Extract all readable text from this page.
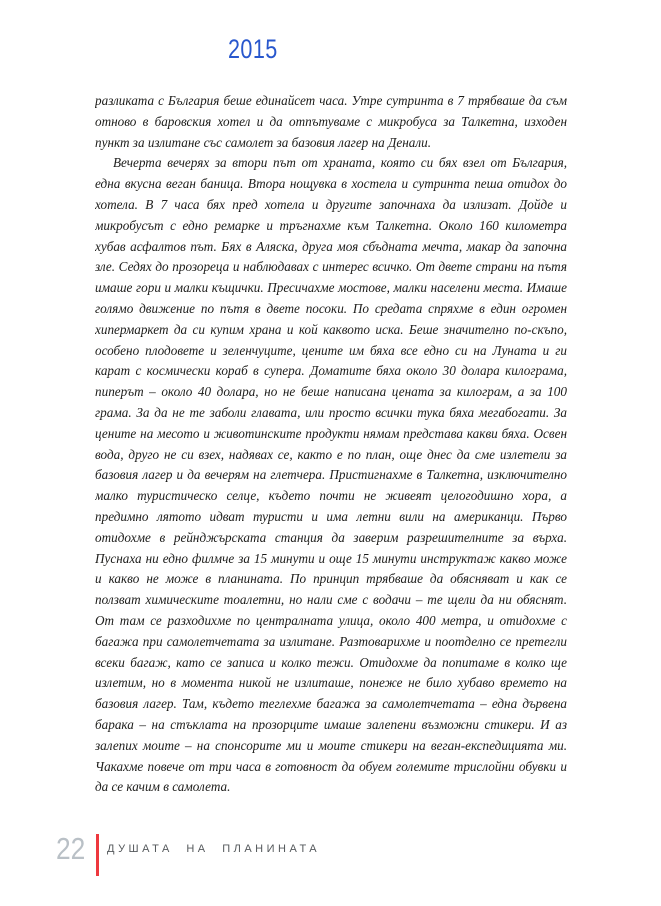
2015

разликата с България беше единайсет часа. Утре сутринта в 7 трябваше да съм отново в баровския хотел и да отпътуваме с микробуса за Талкетна, изходен пункт за излитане със самолет за базовия лагер на Денали.

Вечерта вечерях за втори път от храната, която си бях взел от България, една вкусна веган баница. Втора нощувка в хостела и сутринта пеша отидох до хотела. В 7 часа бях пред хотела и другите започнаха да излизат. Дойде и микробусът с едно ремарке и тръгнахме към Талкетна. Около 160 километра хубав асфалтов път. Бях в Аляска, друга моя сбъдната мечта, макар да започна зле. Седях до прозореца и наблюдавах с интерес всичко. От двете страни на пътя имаше гори и малки къщички. Пресичахме мостове, малки населени места. Имаше голямо движение по пътя в двете посоки. По средата спряхме в един огромен хипермаркет да си купим храна и кой каквото иска. Беше значително по-скъпо, особено плодовете и зеленчуците, цените им бяха все едно си на Луната и ги карат с космически кораб в супера. Доматите бяха около 30 долара килограма, пиперът – около 40 долара, но не беше написана цената за килограм, а за 100 грама. За да не те заболи главата, или просто всички тука бяха мегабогати. За цените на месото и животинските продукти нямам представа какви бяха. Освен вода, друго не си взех, надявах се, както е по план, още днес да сме излетели за базовия лагер и да вечерям на глетчера. Пристигнахме в Талкетна, изключително малко туристическо селце, където почти не живеят целогодишно хора, а предимно лятото идват туристи и има летни вили на американци. Първо отидохме в рейнджърската станция да заверим разрешителните за върха. Пуснаха ни едно филмче за 15 минути и още 15 минути инструктаж какво може и какво не може в планината. По принцип трябваше да обясняват и как се ползват химическите тоалетни, но нали сме с водачи – те щели да ни обяснят. От там се разходихме по централната улица, около 400 метра, и отидохме с багажа при самолетчетата за излитане. Разтоварихме и поотделно се претегли всеки багаж, като се записа и колко тежи. Отидохме да попитаме в колко ще излетим, но в момента никой не излиташе, понеже не било хубаво времето на базовия лагер. Там, където теглехме багажа за самолетчетата – една дървена барака – на стъклата на прозорците имаше залепени възможни стикери. И аз залепих моите – на спонсорите ми и моите стикери на веган-експедицията ми. Чакахме повече от три часа в готовност да обуем големите трислойни обувки и да се качим в самолета.

22 ДУШАТА НА ПЛАНИНАТА
